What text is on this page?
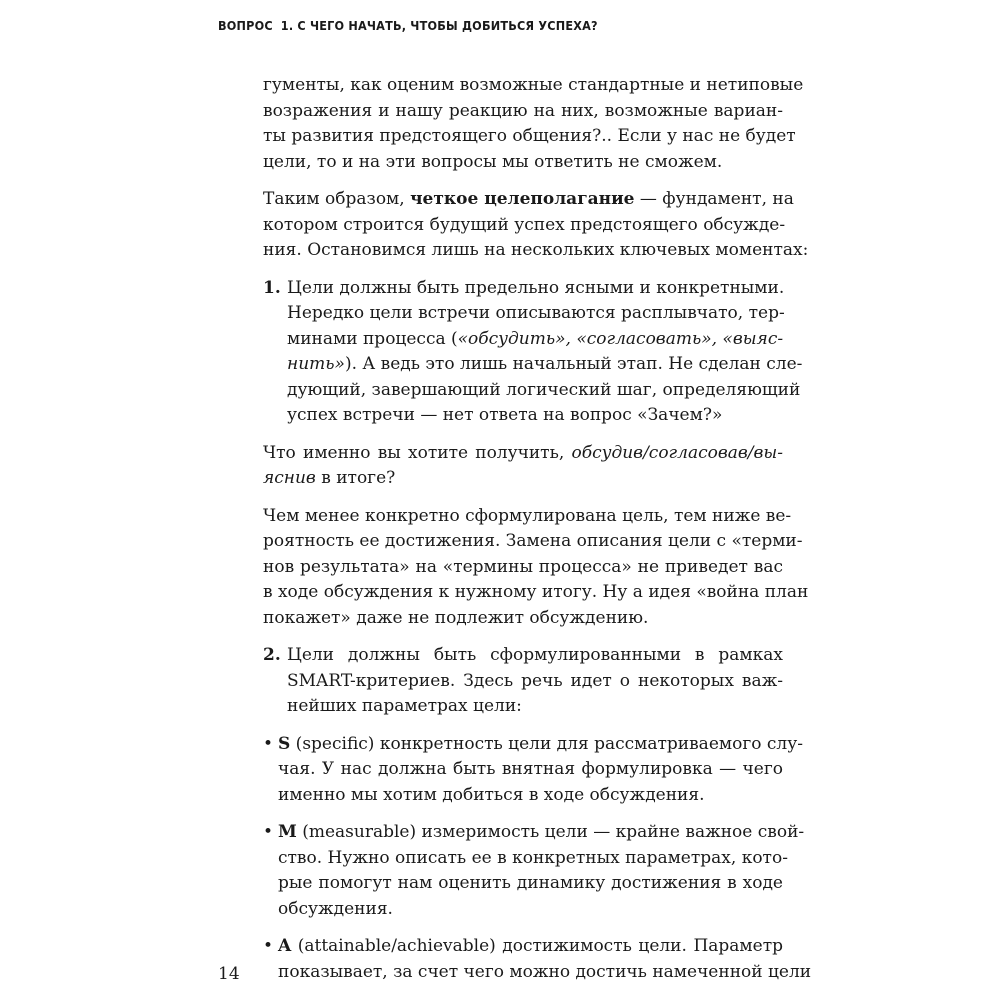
ВОПРОС 1. С ЧЕГО НАЧАТЬ, ЧТОБЫ ДОБИТЬСЯ УСПЕХА?
гументы, как оценим возможные стандартные и нетиповые
возражения и нашу реакцию на них, возможные вариан-
ты развития предстоящего общения?.. Если у нас не будет
цели, то и на эти вопросы мы ответить не сможем.
Таким образом, четкое целеполагание — фундамент, на
котором строится будущий успех предстоящего обсужде-
ния. Остановимся лишь на нескольких ключевых моментах:
1. Цели должны быть предельно ясными и конкретными.
Нередко цели встречи описываются расплывчато, тер-
минами процесса («обсудить», «согласовать», «выяс-
нить»). А ведь это лишь начальный этап. Не сделан сле-
дующий, завершающий логический шаг, определяющий
успех встречи — нет ответа на вопрос «Зачем?»
Что именно вы хотите получить, обсудив/согласовав/вы-
яснив в итоге?
Чем менее конкретно сформулирована цель, тем ниже ве-
роятность ее достижения. Замена описания цели с «терми-
нов результата» на «термины процесса» не приведет вас
в ходе обсуждения к нужному итогу. Ну а идея «война план
покажет» даже не подлежит обсуждению.
2. Цели должны быть сформулированными в рамках
SMART-критериев. Здесь речь идет о некоторых важ-
нейших параметрах цели:
• S (specific) конкретность цели для рассматриваемого слу-
чая. У нас должна быть внятная формулировка — чего
именно мы хотим добиться в ходе обсуждения.
• M (measurable) измеримость цели — крайне важное свой-
ство. Нужно описать ее в конкретных параметрах, кото-
рые помогут нам оценить динамику достижения в ходе
обсуждения.
• A (attainable/achievable) достижимость цели. Параметр
показывает, за счет чего можно достичь намеченной цели
14
